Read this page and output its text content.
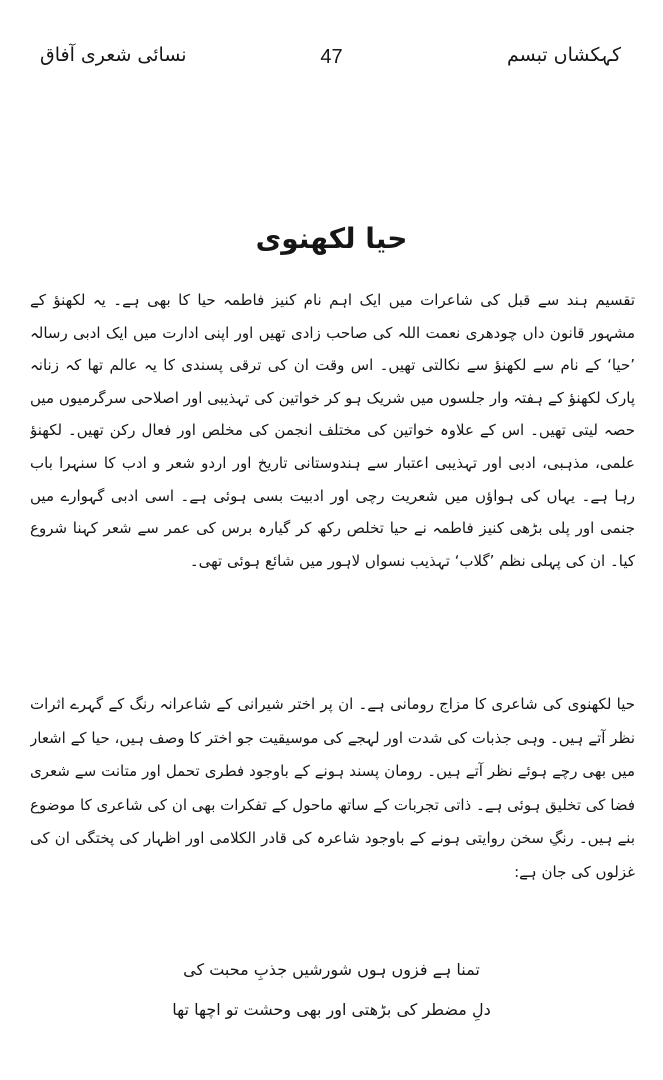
کہکشاں تبسم
47
نسائی شعری آفاق
حیا لکھنوی

تقسیم ہند سے قبل کی شاعرات میں ایک اہم نام کنیز فاطمہ حیا کا بھی ہے۔ یہ لکھنؤ کے مشہور قانون داں چودھری نعمت اللہ کی صاحب زادی تھیں اور اپنی ادارت میں ایک ادبی رسالہ ’حیا‘ کے نام سے لکھنؤ سے نکالتی تھیں۔ اس وقت ان کی ترقی پسندی کا یہ عالم تھا کہ زنانہ پارک لکھنؤ کے ہفتہ وار جلسوں میں شریک ہو کر خواتین کی تہذیبی اور اصلاحی سرگرمیوں میں حصہ لیتی تھیں۔ اس کے علاوہ خواتین کی مختلف انجمن کی مخلص اور فعال رکن تھیں۔ لکھنؤ علمی، مذہبی، ادبی اور تہذیبی اعتبار سے ہندوستانی تاریخ اور اردو شعر و ادب کا سنہرا باب رہا ہے۔ یہاں کی ہواؤں میں شعریت رچی اور ادبیت بسی ہوئی ہے۔ اسی ادبی گہوارے میں جنمی اور پلی بڑھی کنیز فاطمہ نے حیا تخلص رکھ کر گیارہ برس کی عمر سے شعر کہنا شروع کیا۔ ان کی پہلی نظم ’گلاب‘ تہذیب نسواں لاہور میں شائع ہوئی تھی۔

حیا لکھنوی کی شاعری کا مزاج رومانی ہے۔ ان پر اختر شیرانی کے شاعرانہ رنگ کے گہرے اثرات نظر آتے ہیں۔ وہی جذبات کی شدت اور لہجے کی موسیقیت جو اختر کا وصف ہیں، حیا کے اشعار میں بھی رچے ہوئے نظر آتے ہیں۔ رومان پسند ہونے کے باوجود فطری تحمل اور متانت سے شعری فضا کی تخلیق ہوئی ہے۔ ذاتی تجربات کے ساتھ ماحول کے تفکرات بھی ان کی شاعری کا موضوع بنے ہیں۔ رنگِ سخن روایتی ہونے کے باوجود شاعرہ کی قادر الکلامی اور اظہار کی پختگی ان کی غزلوں کی جان ہے:

تمنا ہے فزوں ہوں شورشیں جذبِ محبت کی
دلِ مضطر کی بڑھتی اور بھی وحشت تو اچھا تھا
